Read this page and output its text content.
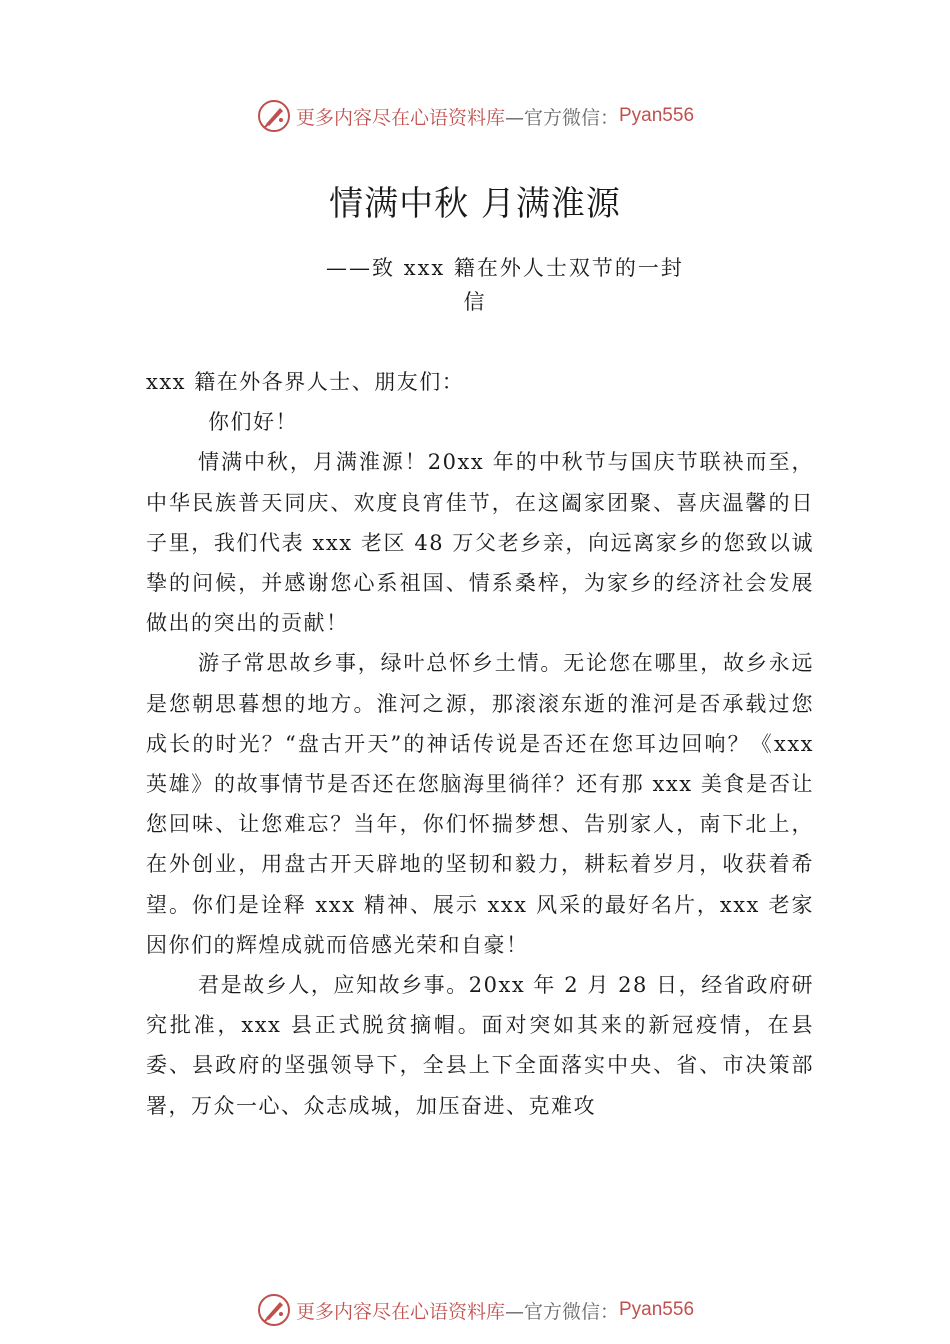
更多内容尽在心语资料库 —官方微信： Pyan556
情满中秋 月满淮源
——致 xxx 籍在外人士双节的一封
信

xxx 籍在外各界人士、朋友们：

你们好！

情满中秋，月满淮源！20xx 年的中秋节与国庆节联袂而至，中华民族普天同庆、欢度良宵佳节，在这阖家团聚、喜庆温馨的日子里，我们代表 xxx 老区 48 万父老乡亲，向远离家乡的您致以诚挚的问候，并感谢您心系祖国、情系桑梓，为家乡的经济社会发展做出的突出的贡献！

游子常思故乡事，绿叶总怀乡土情。无论您在哪里，故乡永远是您朝思暮想的地方。淮河之源，那滚滚东逝的淮河是否承载过您成长的时光？“盘古开天”的神话传说是否还在您耳边回响？《xxx 英雄》的故事情节是否还在您脑海里徜徉？还有那 xxx 美食是否让您回味、让您难忘？当年，你们怀揣梦想、告别家人，南下北上，在外创业，用盘古开天辟地的坚韧和毅力，耕耘着岁月，收获着希望。你们是诠释 xxx 精神、展示 xxx 风采的最好名片，xxx 老家因你们的辉煌成就而倍感光荣和自豪！

君是故乡人，应知故乡事。20xx 年 2 月 28 日，经省政府研究批准，xxx 县正式脱贫摘帽。面对突如其来的新冠疫情，在县委、县政府的坚强领导下，全县上下全面落实中央、省、市决策部署，万众一心、众志成城，加压奋进、克难攻

更多内容尽在心语资料库 —官方微信： Pyan556
